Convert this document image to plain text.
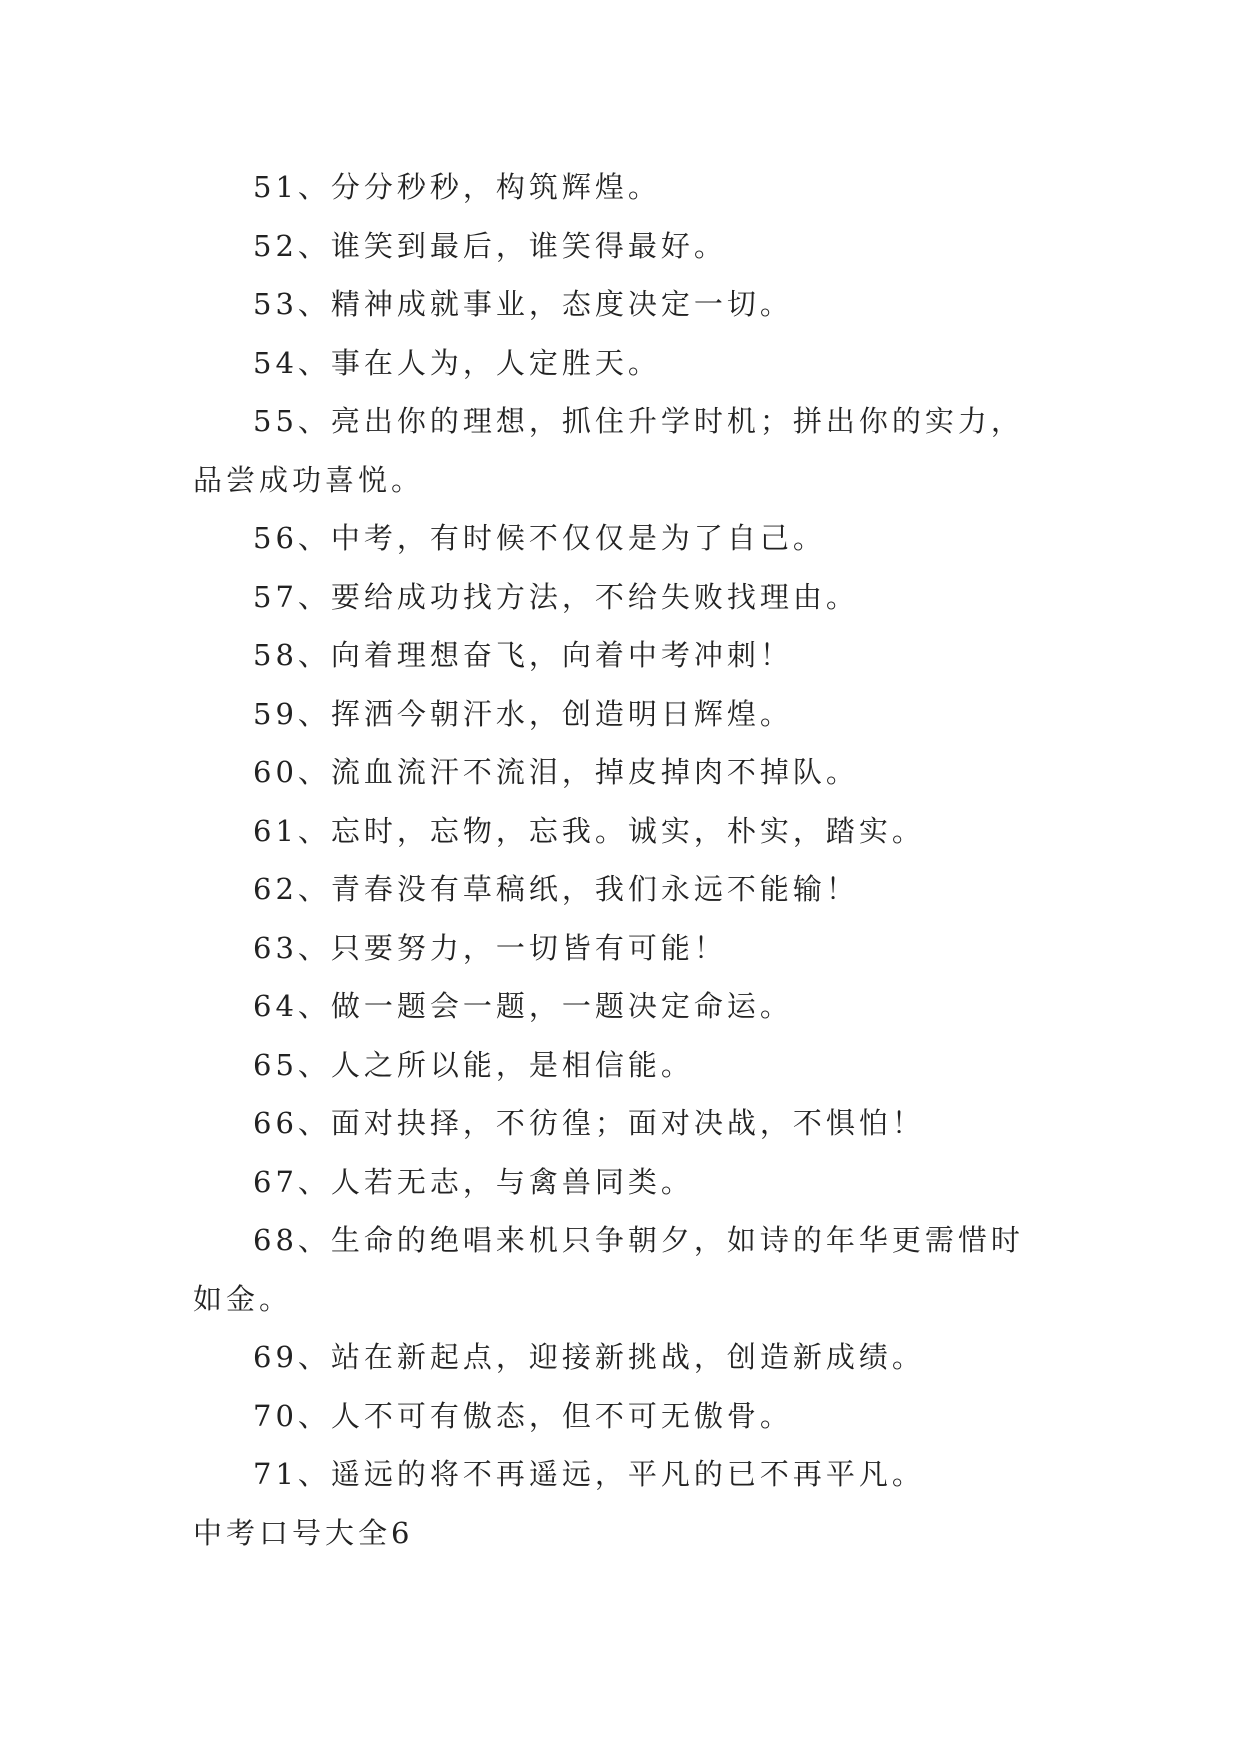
51、分分秒秒，构筑辉煌。

52、谁笑到最后，谁笑得最好。

53、精神成就事业，态度决定一切。

54、事在人为，人定胜天。

55、亮出你的理想，抓住升学时机；拼出你的实力，品尝成功喜悦。

56、中考，有时候不仅仅是为了自己。

57、要给成功找方法，不给失败找理由。

58、向着理想奋飞，向着中考冲刺！

59、挥洒今朝汗水，创造明日辉煌。

60、流血流汗不流泪，掉皮掉肉不掉队。

61、忘时，忘物，忘我。诚实，朴实，踏实。

62、青春没有草稿纸，我们永远不能输！

63、只要努力，一切皆有可能！

64、做一题会一题，一题决定命运。

65、人之所以能，是相信能。

66、面对抉择，不彷徨；面对决战，不惧怕！

67、人若无志，与禽兽同类。

68、生命的绝唱来机只争朝夕，如诗的年华更需惜时如金。

69、站在新起点，迎接新挑战，创造新成绩。

70、人不可有傲态，但不可无傲骨。

71、遥远的将不再遥远，平凡的已不再平凡。

中考口号大全6
